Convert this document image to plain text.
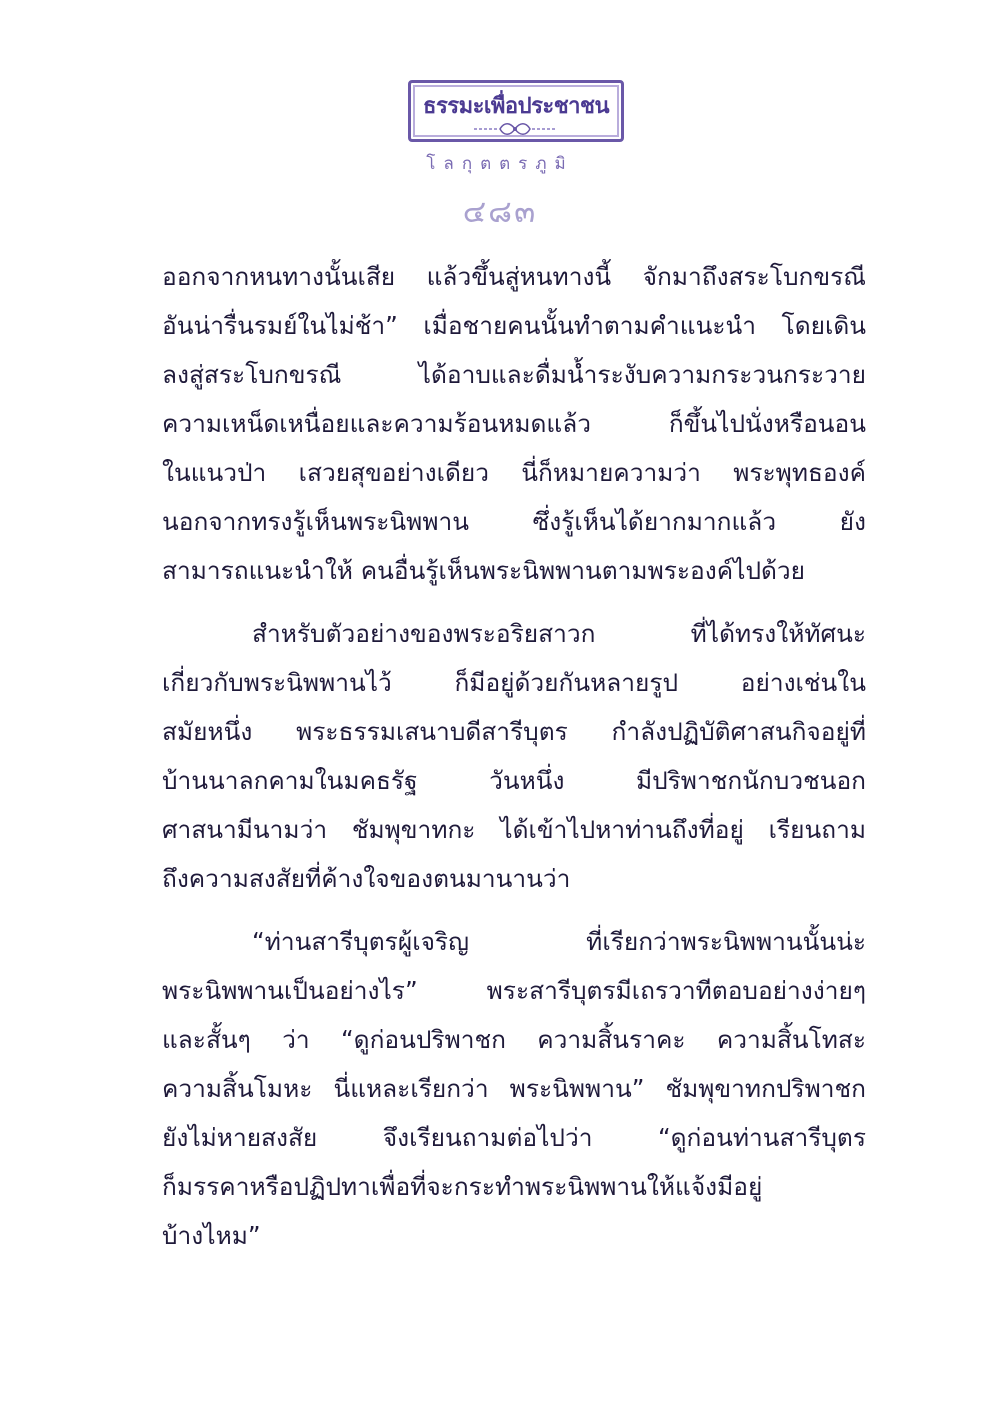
ธรรมะเพื่อประชาชน
โลกุตตรภูมิ
๔๘๓
ออกจากหนทางนั้นเสีย แล้วขึ้นสู่หนทางนี้ จักมาถึงสระโบกขรณี
อันน่ารื่นรมย์ในไม่ช้า” เมื่อชายคนนั้นทำตามคำแนะนำ โดยเดิน
ลงสู่สระโบกขรณี ได้อาบและดื่มน้ำระงับความกระวนกระวาย
ความเหน็ดเหนื่อยและความร้อนหมดแล้ว ก็ขึ้นไปนั่งหรือนอน
ในแนวป่า เสวยสุขอย่างเดียว นี่ก็หมายความว่า พระพุทธองค์
นอกจากทรงรู้เห็นพระนิพพาน ซึ่งรู้เห็นได้ยากมากแล้ว ยัง
สามารถแนะนำให้ คนอื่นรู้เห็นพระนิพพานตามพระองค์ไปด้วย
สำหรับตัวอย่างของพระอริยสาวก ที่ได้ทรงให้ทัศนะ
เกี่ยวกับพระนิพพานไว้ ก็มีอยู่ด้วยกันหลายรูป อย่างเช่นใน
สมัยหนึ่ง พระธรรมเสนาบดีสารีบุตร กำลังปฏิบัติศาสนกิจอยู่ที่
บ้านนาลกคามในมคธรัฐ วันหนึ่ง มีปริพาชกนักบวชนอก
ศาสนามีนามว่า ชัมพุขาทกะ ได้เข้าไปหาท่านถึงที่อยู่ เรียนถาม
ถึงความสงสัยที่ค้างใจของตนมานานว่า
“ท่านสารีบุตรผู้เจริญ ที่เรียกว่าพระนิพพานนั้นน่ะ
พระนิพพานเป็นอย่างไร” พระสารีบุตรมีเถรวาทีตอบอย่างง่ายๆ
และสั้นๆ ว่า “ดูก่อนปริพาชก ความสิ้นราคะ ความสิ้นโทสะ
ความสิ้นโมหะ นี่แหละเรียกว่า พระนิพพาน” ชัมพุขาทกปริพาชก
ยังไม่หายสงสัย จึงเรียนถามต่อไปว่า “ดูก่อนท่านสารีบุตร
ก็มรรคาหรือปฏิปทาเพื่อที่จะกระทำพระนิพพานให้แจ้งมีอยู่
บ้างไหม”
